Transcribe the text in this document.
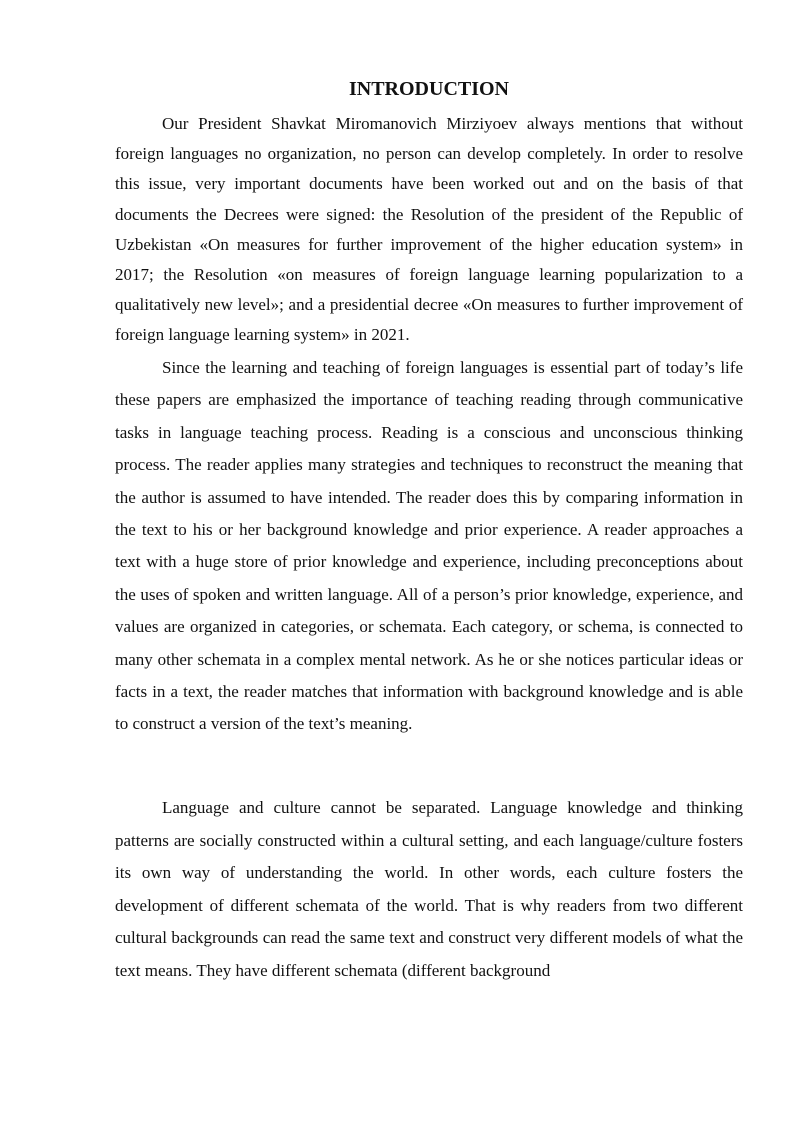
INTRODUCTION

Our President Shavkat Miromanovich Mirziyoev always mentions that without foreign languages no organization, no person can develop completely. In order to resolve this issue, very important documents have been worked out and on the basis of that documents the Decrees were signed: the Resolution of the president of the Republic of Uzbekistan «On measures for further improvement of the higher education system» in 2017; the Resolution «on measures of foreign language learning popularization to a qualitatively new level»; and a presidential decree «On measures to further improvement of foreign language learning system» in 2021.

Since the learning and teaching of foreign languages is essential part of today’s life these papers are emphasized the importance of teaching reading through communicative tasks in language teaching process. Reading is a conscious and unconscious thinking process. The reader applies many strategies and techniques to reconstruct the meaning that the author is assumed to have intended. The reader does this by comparing information in the text to his or her background knowledge and prior experience. A reader approaches a text with a huge store of prior knowledge and experience, including preconceptions about the uses of spoken and written language. All of a person’s prior knowledge, experience, and values are organized in categories, or schemata. Each category, or schema, is connected to many other schemata in a complex mental network. As he or she notices particular ideas or facts in a text, the reader matches that information with background knowledge and is able to construct a version of the text’s meaning.

Language and culture cannot be separated. Language knowledge and thinking patterns are socially constructed within a cultural setting, and each language/culture fosters its own way of understanding the world. In other words, each culture fosters the development of different schemata of the world. That is why readers from two different cultural backgrounds can read the same text and construct very different models of what the text means. They have different schemata (different background
